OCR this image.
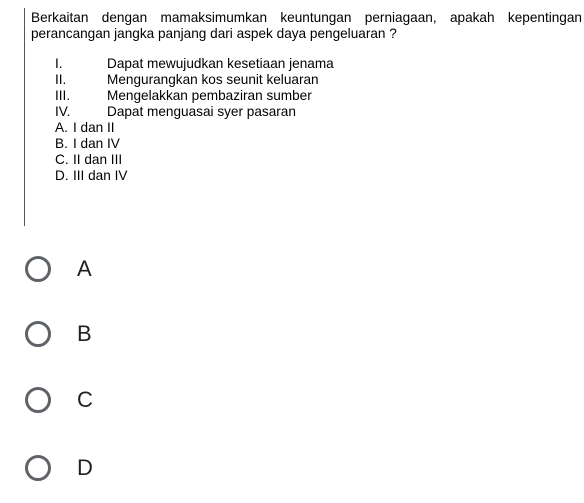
Berkaitan dengan mamaksimumkan keuntungan perniagaan, apakah kepentingan perancangan jangka panjang dari aspek daya pengeluaran ?
I.	Dapat mewujudkan kesetiaan jenama
II.	Mengurangkan kos seunit keluaran
III.	Mengelakkan pembaziran sumber
IV.	Dapat menguasai syer pasaran
A. I dan II
B. I dan IV
C. II dan III
D. III dan IV
A
B
C
D
